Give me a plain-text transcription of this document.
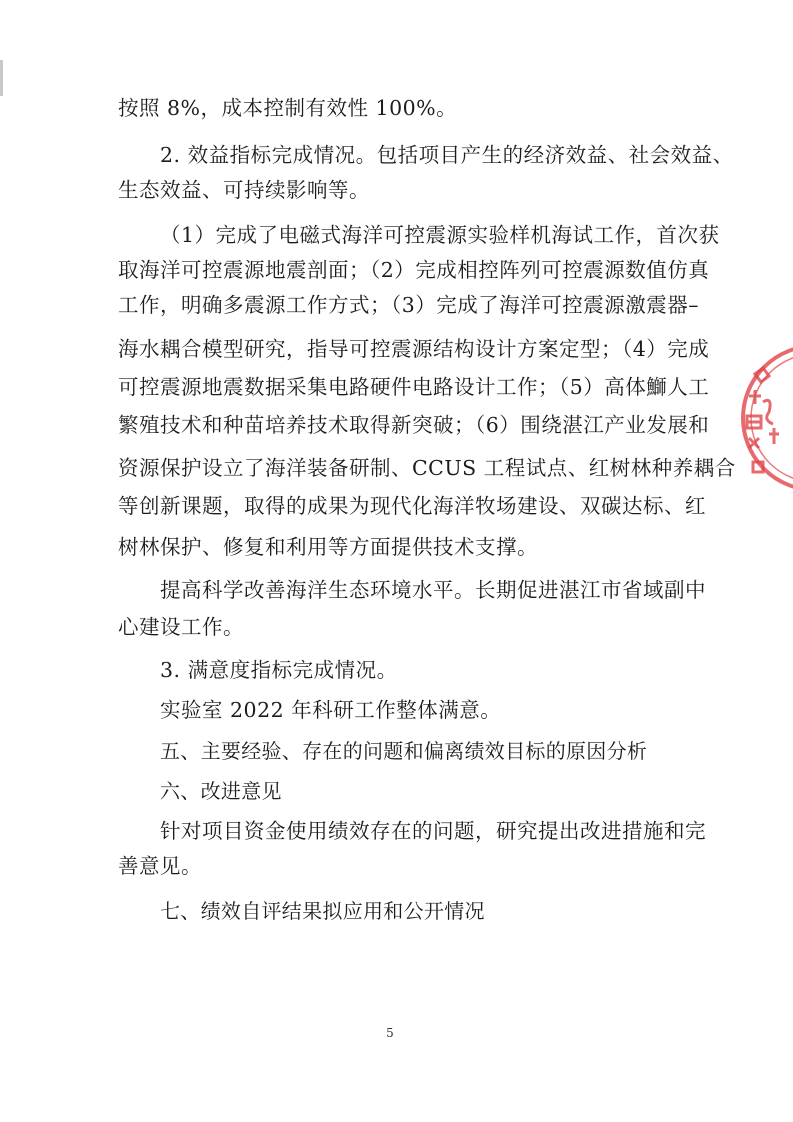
按照 8%，成本控制有效性 100%。
2. 效益指标完成情况。包括项目产生的经济效益、社会效益、
生态效益、可持续影响等。
（1）完成了电磁式海洋可控震源实验样机海试工作，首次获
取海洋可控震源地震剖面；（2）完成相控阵列可控震源数值仿真
工作，明确多震源工作方式；（3）完成了海洋可控震源激震器–
海水耦合模型研究，指导可控震源结构设计方案定型；（4）完成
可控震源地震数据采集电路硬件电路设计工作；（5）高体鰤人工
繁殖技术和种苗培养技术取得新突破；（6）围绕湛江产业发展和
资源保护设立了海洋装备研制、CCUS 工程试点、红树林种养耦合
等创新课题，取得的成果为现代化海洋牧场建设、双碳达标、红
树林保护、修复和利用等方面提供技术支撑。
提高科学改善海洋生态环境水平。长期促进湛江市省域副中
心建设工作。
3. 满意度指标完成情况。
实验室 2022 年科研工作整体满意。
五、主要经验、存在的问题和偏离绩效目标的原因分析
六、改进意见
针对项目资金使用绩效存在的问题，研究提出改进措施和完
善意见。
七、绩效自评结果拟应用和公开情况
5
